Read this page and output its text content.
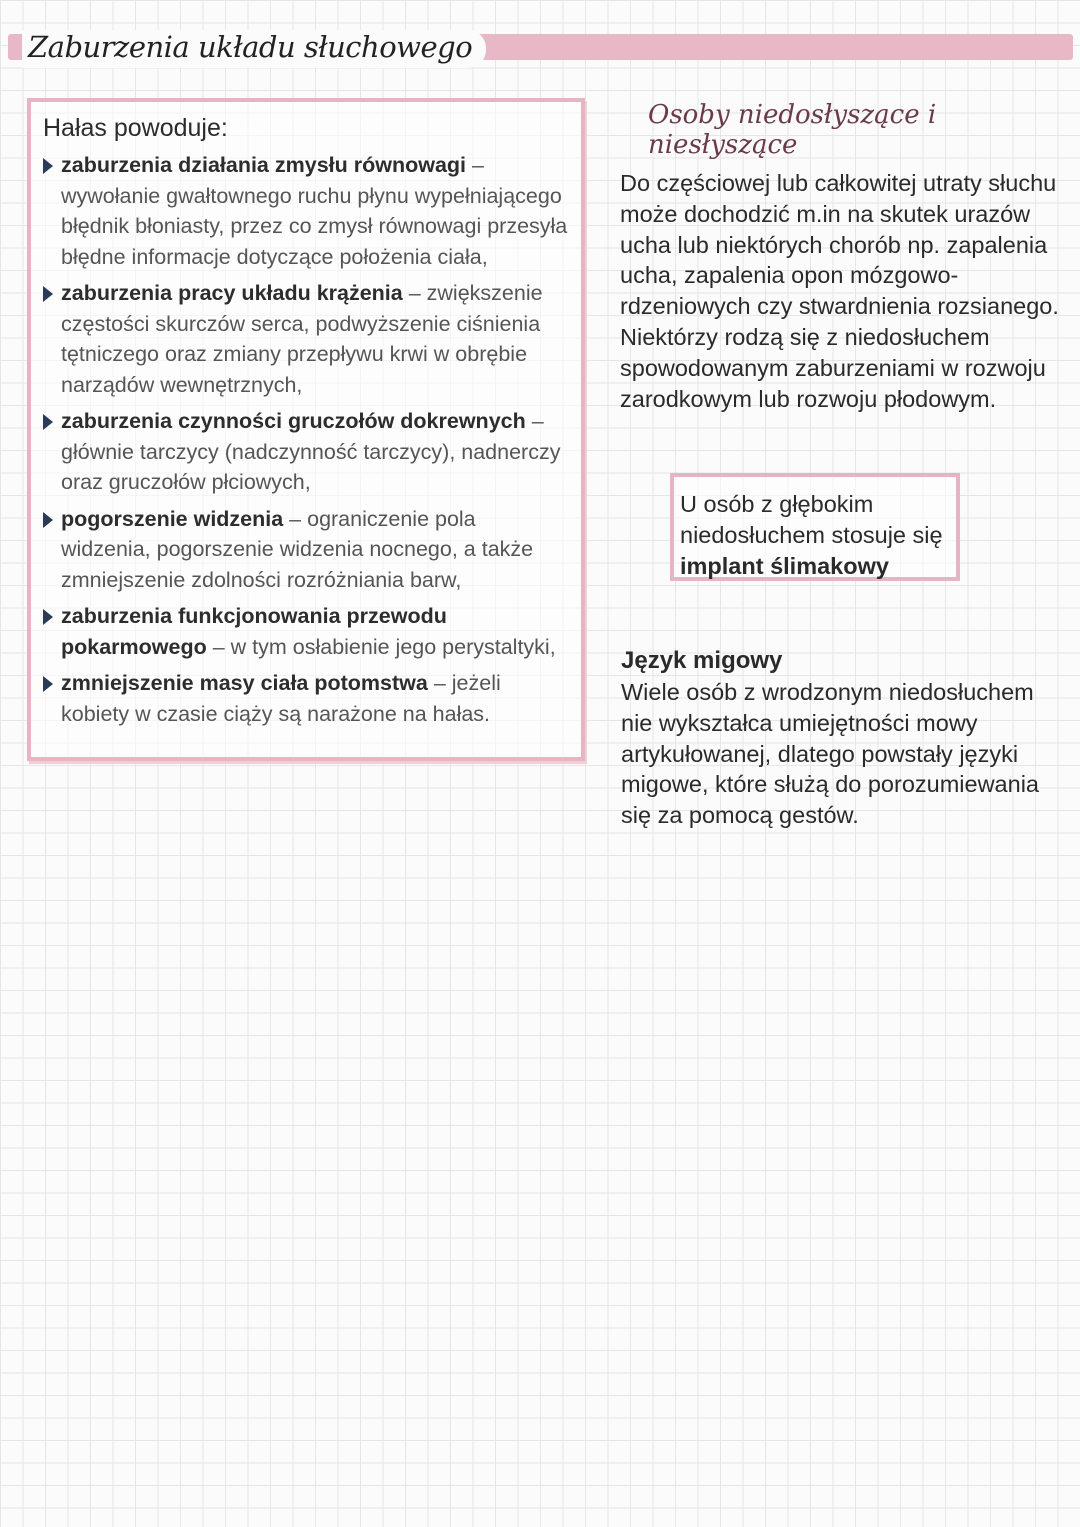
Zaburzenia układu słuchowego
Hałas powoduje:
zaburzenia działania zmysłu równowagi – wywołanie gwałtownego ruchu płynu wypełniającego błędnik błoniasty, przez co zmysł równowagi przesyła błędne informacje dotyczące położenia ciała,
zaburzenia pracy układu krążenia – zwiększenie częstości skurczów serca, podwyższenie ciśnienia tętniczego oraz zmiany przepływu krwi w obrębie narządów wewnętrznych,
zaburzenia czynności gruczołów dokrewnych – głównie tarczycy (nadczynność tarczycy), nadnerczy oraz gruczołów płciowych,
pogorszenie widzenia – ograniczenie pola widzenia, pogorszenie widzenia nocnego, a także zmniejszenie zdolności rozróżniania barw,
zaburzenia funkcjonowania przewodu pokarmowego – w tym osłabienie jego perystaltyki,
zmniejszenie masy ciała potomstwa – jeżeli kobiety w czasie ciąży są narażone na hałas.
Osoby niedosłyszące i niesłyszące
Do częściowej lub całkowitej utraty słuchu może dochodzić m.in na skutek urazów ucha lub niektórych chorób np. zapalenia ucha, zapalenia opon mózgowo-rdzeniowych czy stwardnienia rozsianego. Niektórzy rodzą się z niedosłuchem spowodowanym zaburzeniami w rozwoju zarodkowym lub rozwoju płodowym.
U osób z głębokim niedosłuchem stosuje się
implant ślimakowy
Język migowy
Wiele osób z wrodzonym niedosłuchem nie wykształca umiejętności mowy artykułowanej, dlatego powstały języki migowe, które służą do porozumiewania się za pomocą gestów.
